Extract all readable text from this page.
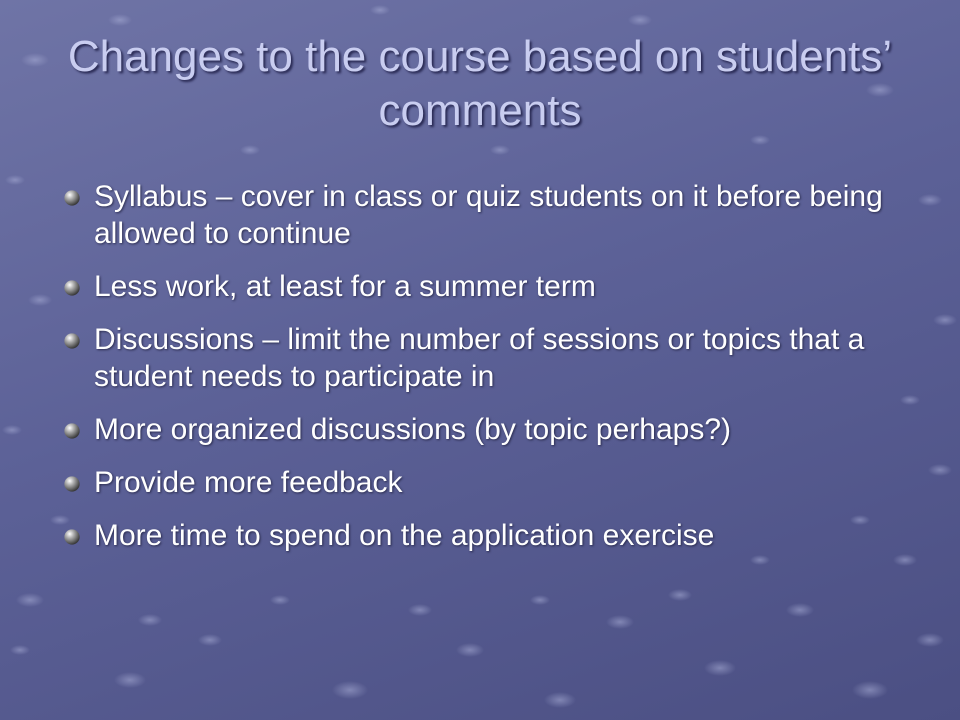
Changes to the course based on students’ comments
Syllabus – cover in class or quiz students on it before being allowed to continue
Less work, at least for a summer term
Discussions – limit the number of sessions or topics that a student needs to participate in
More organized discussions (by topic perhaps?)
Provide more feedback
More time to spend on the application exercise
